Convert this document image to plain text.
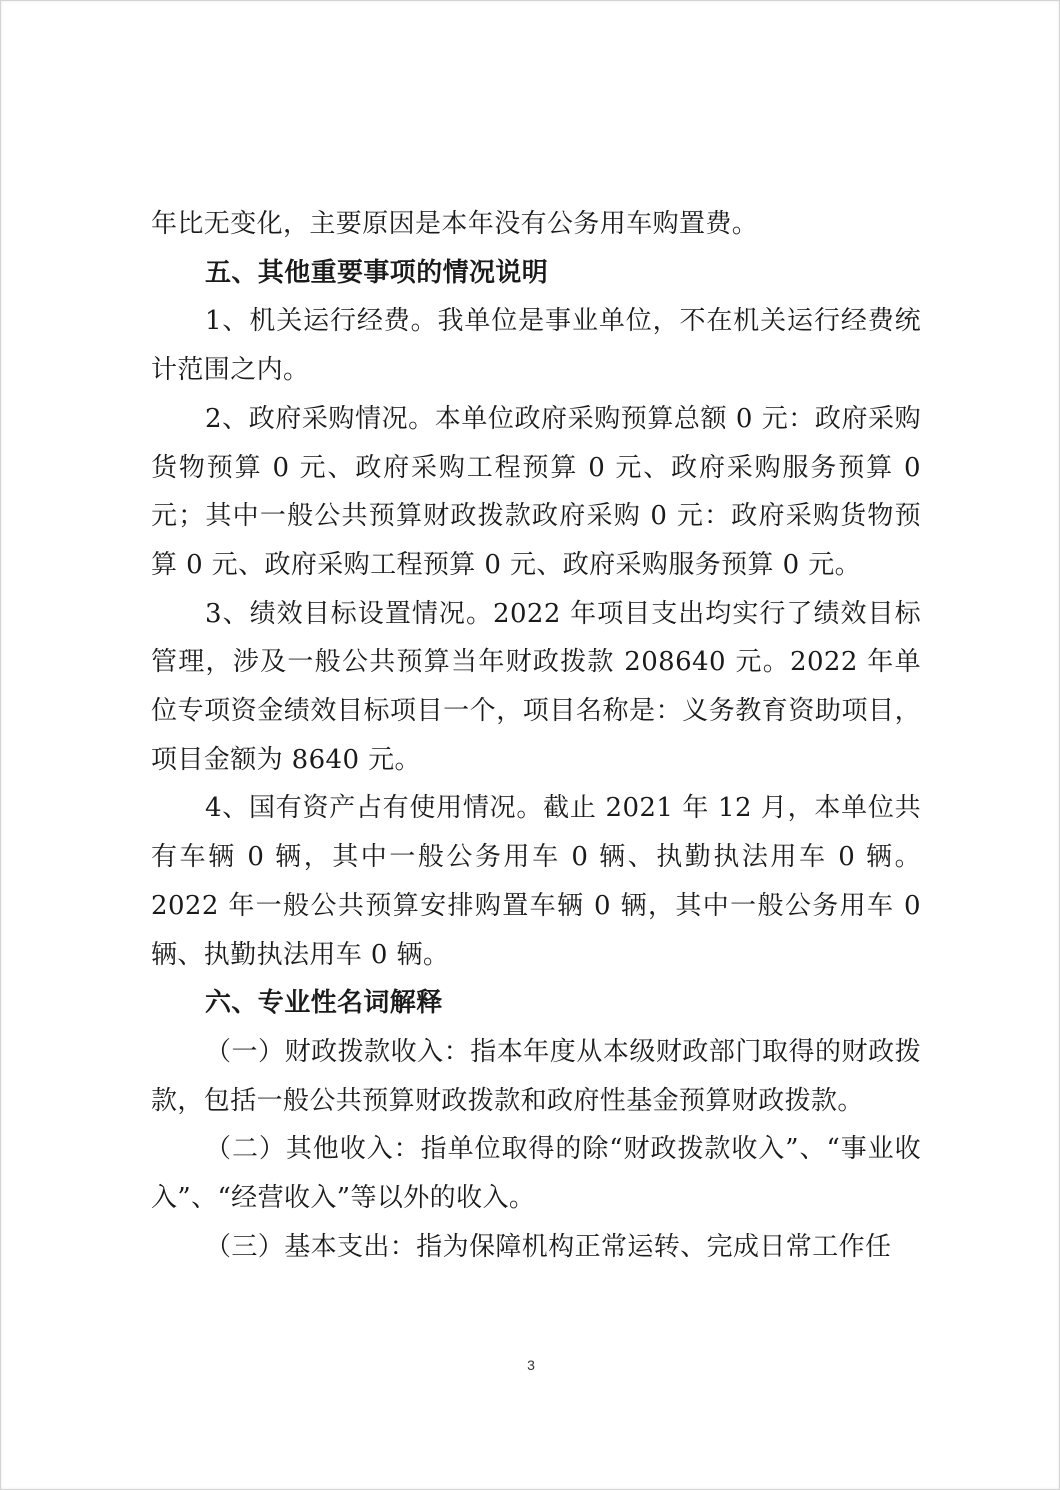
年比无变化，主要原因是本年没有公务用车购置费。

五、其他重要事项的情况说明

1、机关运行经费。我单位是事业单位，不在机关运行经费统计范围之内。

2、政府采购情况。本单位政府采购预算总额 0 元：政府采购货物预算 0 元、政府采购工程预算 0 元、政府采购服务预算 0 元；其中一般公共预算财政拨款政府采购 0 元：政府采购货物预算 0 元、政府采购工程预算 0 元、政府采购服务预算 0 元。

3、绩效目标设置情况。2022 年项目支出均实行了绩效目标管理，涉及一般公共预算当年财政拨款 208640 元。2022 年单位专项资金绩效目标项目一个，项目名称是：义务教育资助项目，项目金额为 8640 元。

4、国有资产占有使用情况。截止 2021 年 12 月，本单位共有车辆 0 辆，其中一般公务用车 0 辆、执勤执法用车 0 辆。2022 年一般公共预算安排购置车辆 0 辆，其中一般公务用车 0 辆、执勤执法用车 0 辆。

六、专业性名词解释

（一）财政拨款收入：指本年度从本级财政部门取得的财政拨款，包括一般公共预算财政拨款和政府性基金预算财政拨款。

（二）其他收入：指单位取得的除“财政拨款收入”、“事业收入”、“经营收入”等以外的收入。

（三）基本支出：指为保障机构正常运转、完成日常工作任

3
